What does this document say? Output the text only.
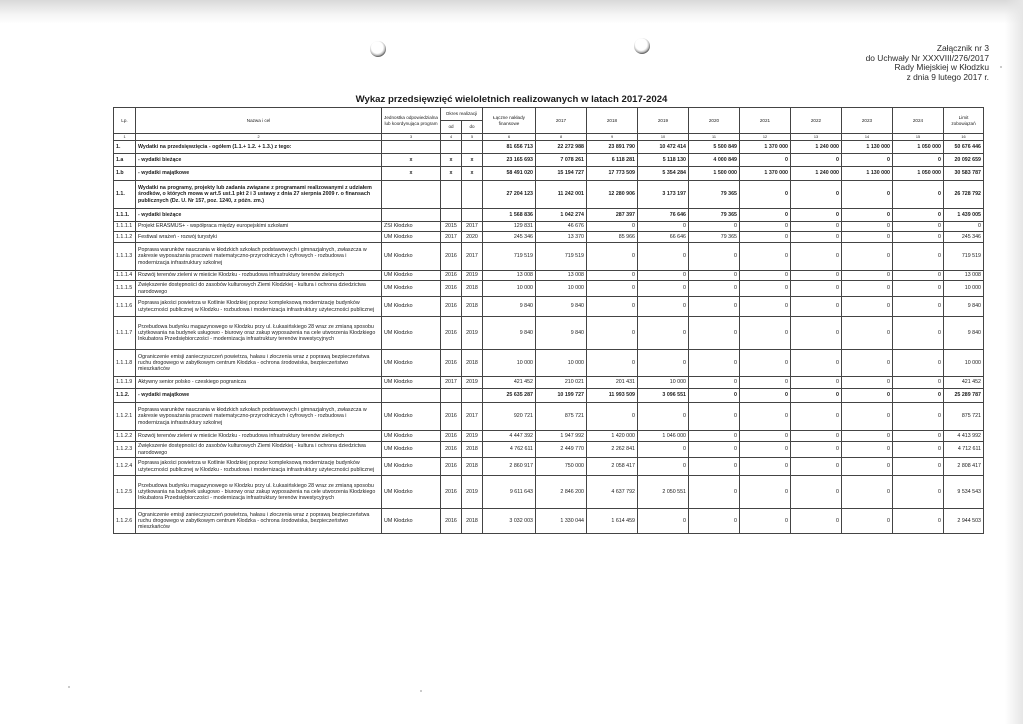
Załącznik nr 3
do Uchwały Nr XXXVIII/276/2017
Rady Miejskiej w Kłodzku
z dnia 9 lutego 2017 r.
Wykaz przedsięwzięć wieloletnich realizowanych w latach 2017-2024
Lp.	Nazwa i cel	Jednostka odpowiedzialna lub koordynująca program	Okres realizacji		Łączne nakłady finansowe	2017	2018	2019	2020	2021	2022	2023	2024	Limit zobowiązań
			od	do										
1	2	3	4	5	6	8	9	10	11	12	13	14	15	16
1.	Wydatki na przedsięwzięcia - ogółem (1.1.+ 1.2. + 1.3.) z tego:				81 656 713	22 272 988	23 891 790	10 472 414	5 500 849	1 370 000	1 240 000	1 130 000	1 050 000	50 676 446
1.a	- wydatki bieżące	x	x	x	23 165 693	7 078 261	6 118 281	5 118 130	4 000 849	0	0	0	0	20 092 659
1.b	- wydatki majątkowe	x	x	x	58 491 020	15 194 727	17 773 509	5 354 284	1 500 000	1 370 000	1 240 000	1 130 000	1 050 000	30 583 787
1.1.	Wydatki na programy, projekty lub zadania związane z programami realizowanymi z udziałem środków, o których mowa w art.5 ust.1 pkt 2 i 3 ustawy z dnia 27 sierpnia 2009 r. o finansach publicznych (Dz. U. Nr 157, poz. 1240, z późn. zm.)				27 204 123	11 242 001	12 280 906	3 173 197	79 365	0	0	0	0	26 728 792
1.1.1.	- wydatki bieżące				1 568 836	1 042 274	287 397	76 646	79 365	0	0	0	0	1 439 005
1.1.1.1	Projekt ERASMUS+ - współpraca między europejskimi szkołami	ZSI Kłodzko	2015	2017	129 831	46 676	0	0	0	0	0	0	0	0
1.1.1.2	Festiwal wrażeń - rozwój turystyki	UM Kłodzko	2017	2020	245 346	13 370	85 966	66 646	79 365	0	0	0	0	245 346
1.1.1.3	Poprawa warunków nauczania w kłodzkich szkołach podstawowych i gimnazjalnych, zwłaszcza w zakresie wyposażania pracowni matematyczno-przyrodniczych i cyfrowych - rozbudowa i modernizacja infrastruktury szkolnej	UM Kłodzko	2016	2017	719 519	719 519	0	0	0	0	0	0	0	719 519
1.1.1.4	Rozwój terenów zieleni w mieście Kłodzku - rozbudowa infrastruktury terenów zielonych	UM Kłodzko	2016	2019	13 008	13 008	0	0	0	0	0	0	0	13 008
1.1.1.5	Zwiększenie dostępności do zasobów kulturowych Ziemi Kłodzkiej - kultura i ochrona dziedzictwa narodowego	UM Kłodzko	2016	2018	10 000	10 000	0	0	0	0	0	0	0	10 000
1.1.1.6	Poprawa jakości powietrza w Kotlinie Kłodzkiej poprzez kompleksową modernizację budynków użyteczności publicznej w Kłodzku - rozbudowa i modernizacja infrastruktury użyteczności publicznej	UM Kłodzko	2016	2018	9 840	9 840	0	0	0	0	0	0	0	9 840
1.1.1.7	Przebudowa budynku magazynowego w Kłodzku przy ul. Łukasińskiego 28 wraz ze zmianą sposobu użytkowania na budynek usługowo - biurowy oraz zakup wyposażenia na cele utworzenia Kłodzkiego Inkubatora Przedsiębiorczości - modernizacja infrastruktury terenów inwestycyjnych	UM Kłodzko	2016	2019	9 840	9 840	0	0	0	0	0	0	0	9 840
1.1.1.8	Ograniczenie emisji zanieczyszczeń powietrza, hałasu i złoczenia wraz z poprawą bezpieczeństwa ruchu drogowego w zabytkowym centrum Kłodzka - ochrona środowiska, bezpieczeństwo mieszkańców	UM Kłodzko	2016	2018	10 000	10 000	0	0	0	0	0	0	0	10 000
1.1.1.9	Aktywny senior polsko - czeskiego pogranicza	UM Kłodzko	2017	2019	421 452	210 021	201 431	10 000	0	0	0	0	0	421 452
1.1.2.	- wydatki majątkowe				25 635 287	10 199 727	11 993 509	3 096 551	0	0	0	0	0	25 289 787
1.1.2.1	Poprawa warunków nauczania w kłodzkich szkołach podstawowych i gimnazjalnych, zwłaszcza w zakresie wyposażania pracowni matematyczno-przyrodniczych i cyfrowych - rozbudowa i modernizacja infrastruktury szkolnej	UM Kłodzko	2016	2017	920 721	875 721	0	0	0	0	0	0	0	875 721
1.1.2.2	Rozwój terenów zieleni w mieście Kłodzku - rozbudowa infrastruktury terenów zielonych	UM Kłodzko	2016	2019	4 447 392	1 947 992	1 420 000	1 046 000	0	0	0	0	0	4 413 992
1.1.2.3	Zwiększenie dostępności do zasobów kulturowych Ziemi Kłodzkiej - kultura i ochrona dziedzictwa narodowego	UM Kłodzko	2016	2018	4 762 611	2 449 770	2 262 841	0	0	0	0	0	0	4 712 611
1.1.2.4	Poprawa jakości powietrza w Kotlinie Kłodzkiej poprzez kompleksową modernizację budynków użyteczności publicznej w Kłodzku - rozbudowa i modernizacja infrastruktury użyteczności publicznej	UM Kłodzko	2016	2018	2 860 917	750 000	2 058 417	0	0	0	0	0	0	2 808 417
1.1.2.5	Przebudowa budynku magazynowego w Kłodzku przy ul. Łukasińskiego 28 wraz ze zmianą sposobu użytkowania na budynek usługowo - biurowy oraz zakup wyposażenia na cele utworzenia Kłodzkiego Inkubatora Przedsiębiorczości - modernizacja infrastruktury terenów inwestycyjnych	UM Kłodzko	2016	2019	9 611 643	2 846 200	4 637 792	2 050 551	0	0	0	0	0	9 534 543
1.1.2.6	Ograniczenie emisji zanieczyszczeń powietrza, hałasu i złoczenia wraz z poprawą bezpieczeństwa ruchu drogowego w zabytkowym centrum Kłodzka - ochrona środowiska, bezpieczeństwo mieszkańców	UM Kłodzko	2016	2018	3 032 003	1 330 044	1 614 459	0	0	0	0	0	0	2 944 503
